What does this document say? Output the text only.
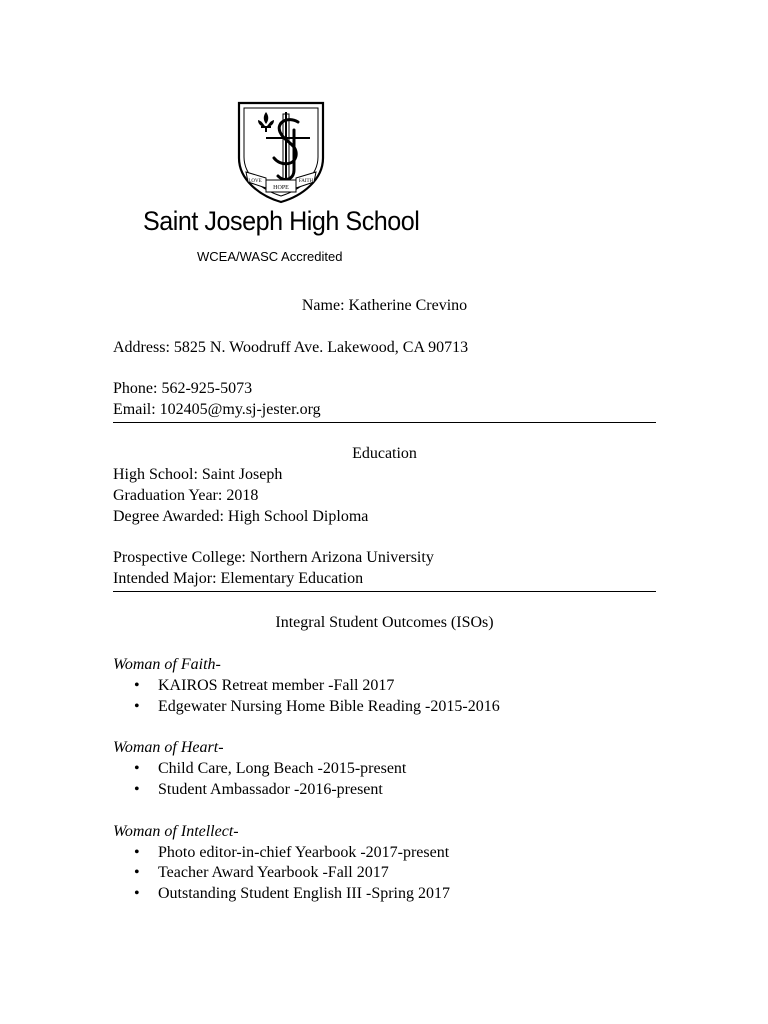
LOVE
HOPE
FAITH
Saint Joseph High School
WCEA/WASC Accredited
Name: Katherine Crevino
Address: 5825 N. Woodruff Ave. Lakewood, CA 90713
Phone: 562-925-5073
Email: 102405@my.sj-jester.org
Education
High School: Saint Joseph
Graduation Year: 2018
Degree Awarded: High School Diploma
Prospective College: Northern Arizona University
Intended Major: Elementary Education
Integral Student Outcomes (ISOs)
Woman of Faith-
• KAIROS Retreat member -Fall 2017
• Edgewater Nursing Home Bible Reading -2015-2016
Woman of Heart-
• Child Care, Long Beach -2015-present
• Student Ambassador -2016-present
Woman of Intellect-
• Photo editor-in-chief Yearbook -2017-present
• Teacher Award Yearbook -Fall 2017
• Outstanding Student English III -Spring 2017
